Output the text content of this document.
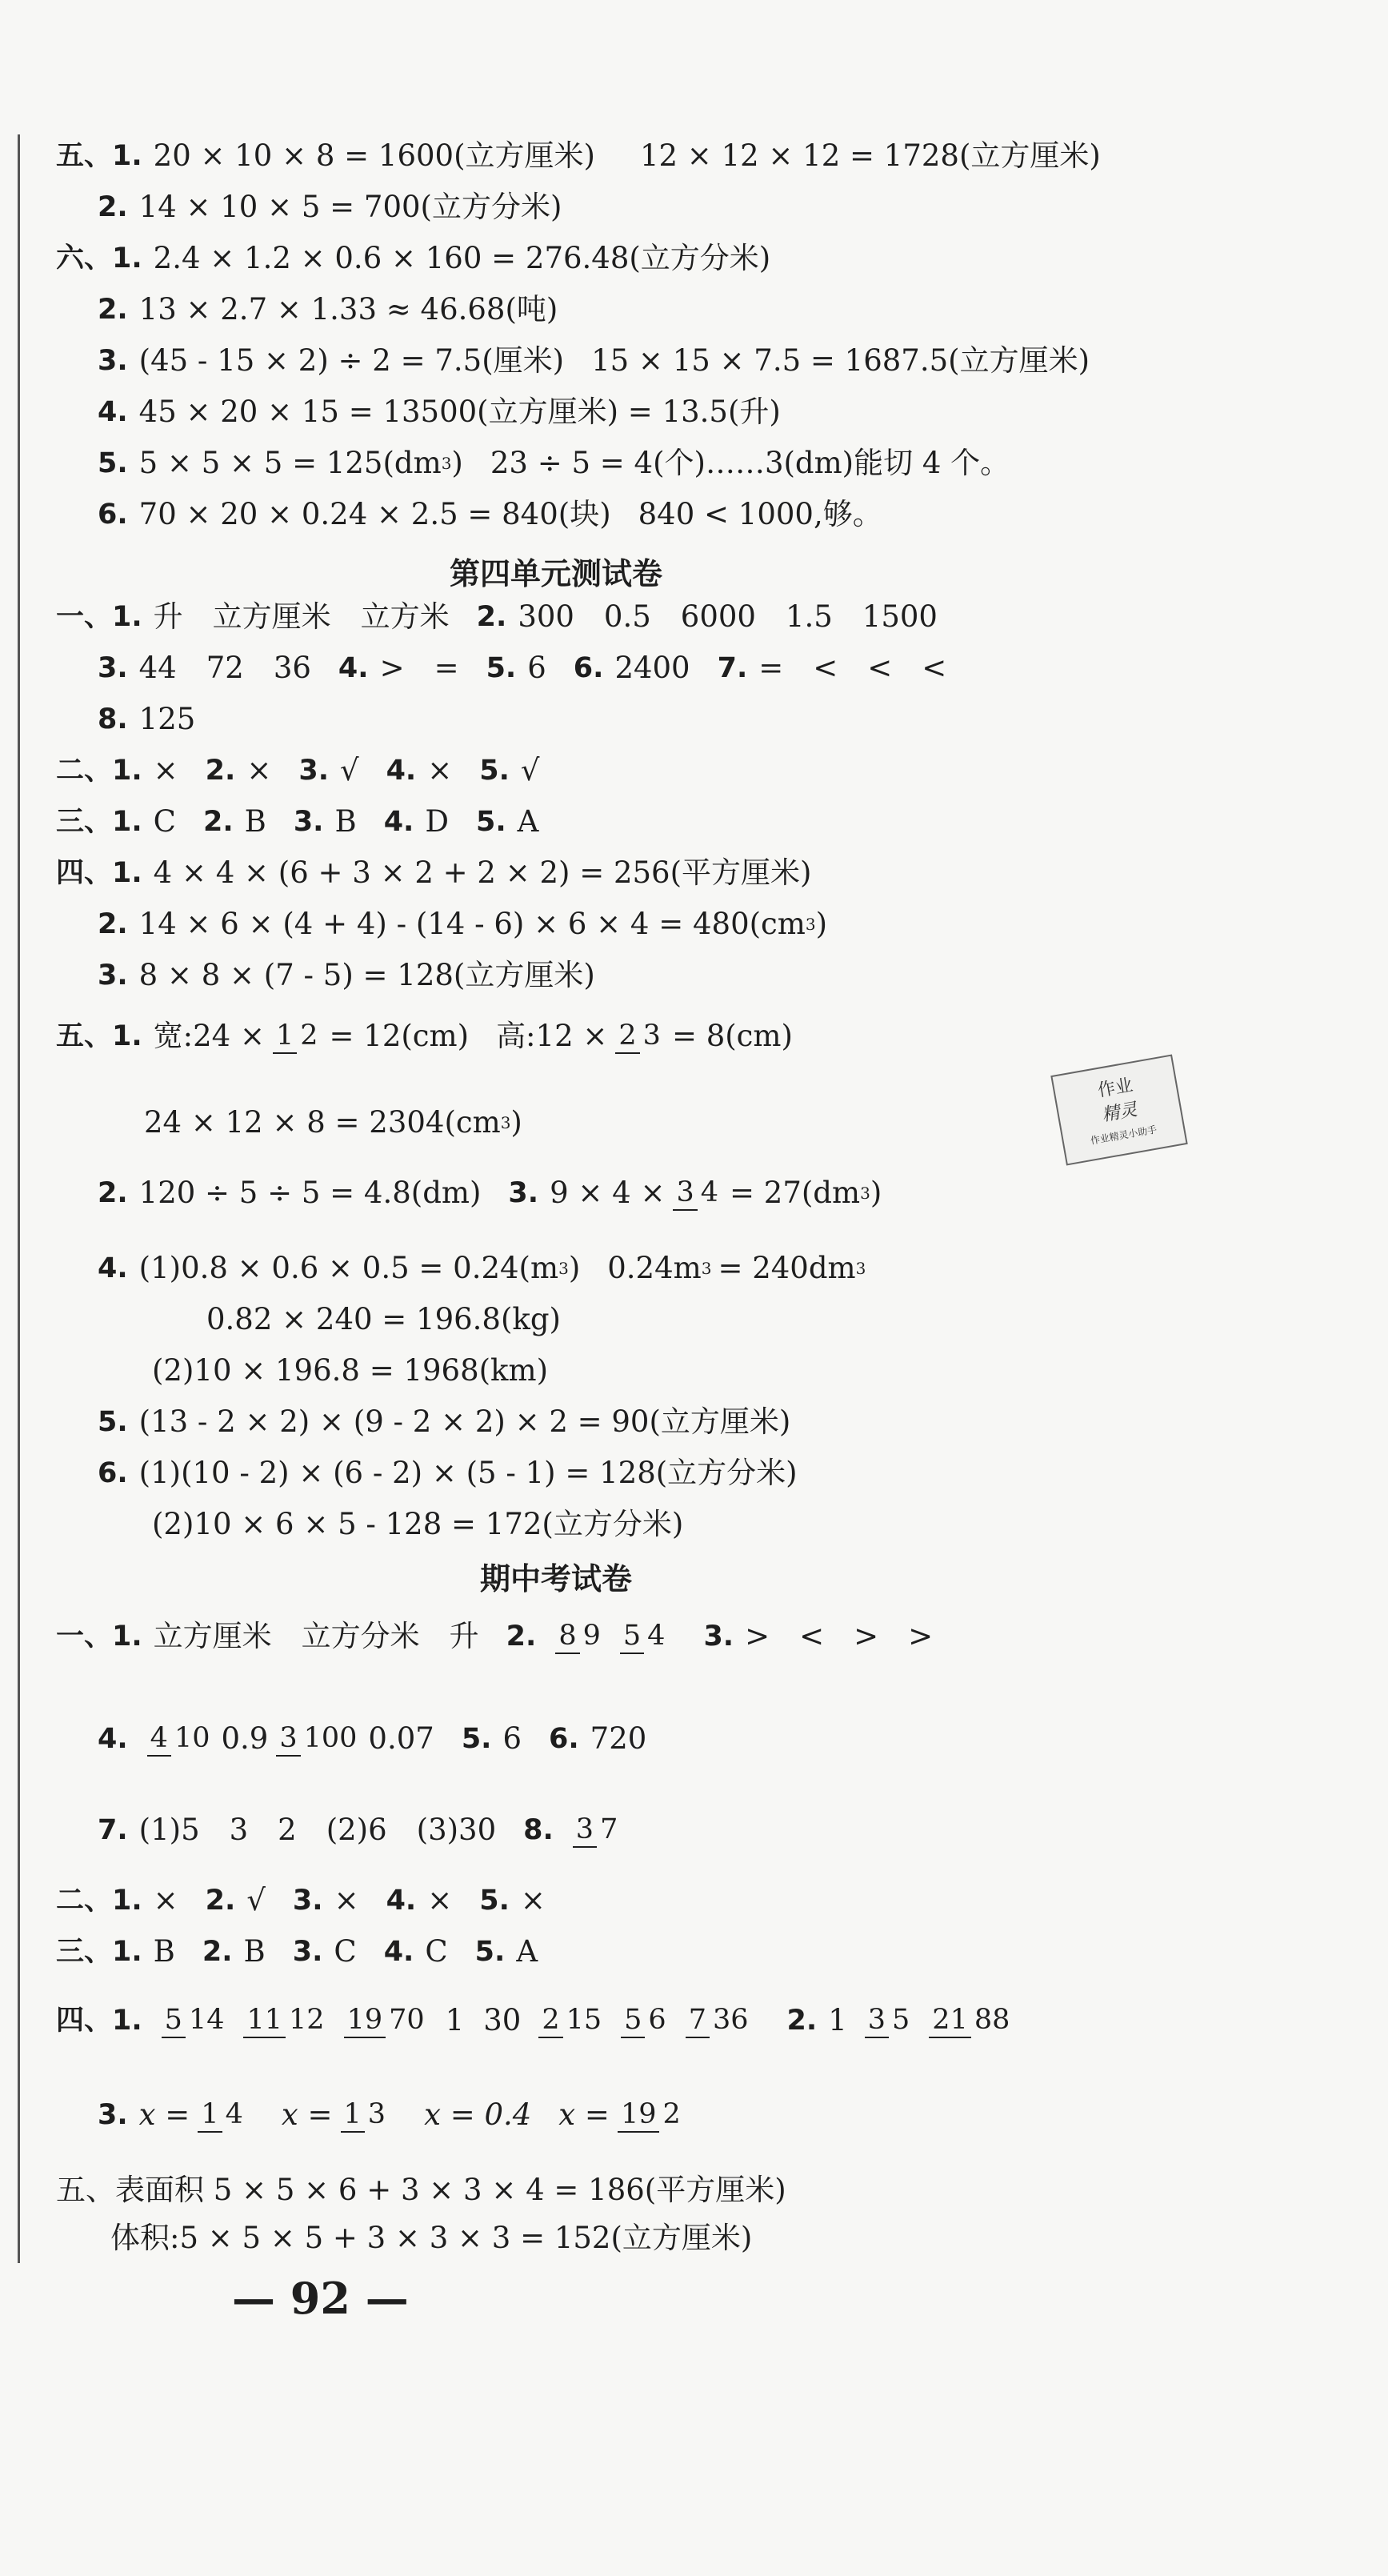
五、1. 20 × 10 × 8 = 1600(立方厘米) 12 × 12 × 12 = 1728(立方厘米)
2. 14 × 10 × 5 = 700(立方分米)
六、1. 2.4 × 1.2 × 0.6 × 160 = 276.48(立方分米)
2. 13 × 2.7 × 1.33 ≈ 46.68(吨)
3. (45 - 15 × 2) ÷ 2 = 7.5(厘米) 15 × 15 × 7.5 = 1687.5(立方厘米)
4. 45 × 20 × 15 = 13500(立方厘米) = 13.5(升)
5. 5 × 5 × 5 = 125(dm 3 ) 23 ÷ 5 = 4(个)……3(dm)能切 4 个。
6. 70 × 20 × 0.24 × 2.5 = 840(块) 840 < 1000,够。
第四单元测试卷
一、1. 升　立方厘米　立方米 2. 300　0.5　6000　1.5　1500
3. 44　72　36 4. >　= 5. 6 6. 2400 7. =　<　<　<
8. 125
二、1. × 2. × 3. √ 4. × 5. √
三、1. C 2. B 3. B 4. D 5. A
四、1. 4 × 4 × (6 + 3 × 2 + 2 × 2) = 256(平方厘米)
2. 14 × 6 × (4 + 4) - (14 - 6) × 6 × 4 = 480(cm 3 )
3. 8 × 8 × (7 - 5) = 128(立方厘米)
五、1. 宽:24 × 1 2 = 12(cm) 高:12 × 2 3 = 8(cm)
24 × 12 × 8 = 2304(cm 3 )
2. 120 ÷ 5 ÷ 5 = 4.8(dm) 3. 9 × 4 × 3 4 = 27(dm 3 )
4. (1)0.8 × 0.6 × 0.5 = 0.24(m 3 ) 0.24m 3 = 240dm 3
0.82 × 240 = 196.8(kg)
(2)10 × 196.8 = 1968(km)
5. (13 - 2 × 2) × (9 - 2 × 2) × 2 = 90(立方厘米)
6. (1)(10 - 2) × (6 - 2) × (5 - 1) = 128(立方分米)
(2)10 × 6 × 5 - 128 = 172(立方分米)
期中考试卷
一、1. 立方厘米　立方分米　升 2. 8 9 5 4 3. >　<　>　>
4. 4 10 0.9 3 100 0.07 5. 6 6. 720
7. (1)5　3　2　(2)6　(3)30 8. 3 7
二、1. × 2. √ 3. × 4. × 5. ×
三、1. B 2. B 3. C 4. C 5. A
四、1. 5 14 11 12 19 70 1 30 2 15 5 6 7 36 2. 1 3 5 21 88
3. x = 1 4 x = 1 3 x = 0.4 x = 19 2
五、表面积 5 × 5 × 6 + 3 × 3 × 4 = 186(平方厘米)
体积:5 × 5 × 5 + 3 × 3 × 3 = 152(立方厘米)
— 92 —
作业
精灵
作业精灵小助手
